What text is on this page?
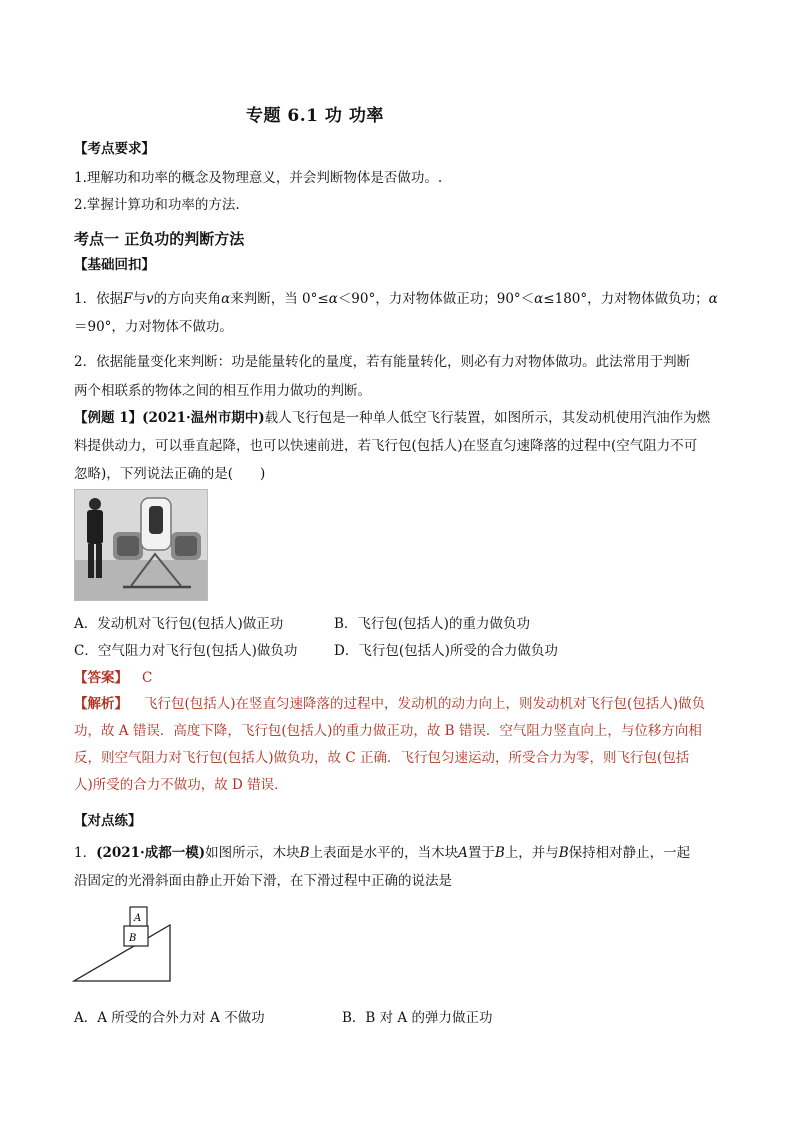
专题 6.1 功 功率
【考点要求】
1.理解功和功率的概念及物理意义，并会判断物体是否做功。.
2.掌握计算功和功率的方法.
考点一 正负功的判断方法
【基础回扣】
1．依据F与v的方向夹角α来判断，当 0°≤α＜90°，力对物体做正功；90°＜α≤180°，力对物体做负功；α
＝90°，力对物体不做功。
2．依据能量变化来判断：功是能量转化的量度，若有能量转化，则必有力对物体做功。此法常用于判断
两个相联系的物体之间的相互作用力做功的判断。
【例题 1】(2021·温州市期中)载人飞行包是一种单人低空飞行装置，如图所示，其发动机使用汽油作为燃
料提供动力，可以垂直起降，也可以快速前进，若飞行包(包括人)在竖直匀速降落的过程中(空气阻力不可
忽略)，下列说法正确的是(　　)
A．发动机对飞行包(包括人)做正功	B．飞行包(包括人)的重力做负功
C．空气阻力对飞行包(包括人)做负功	D．飞行包(包括人)所受的合力做负功
【答案】 C
【解析】 飞行包(包括人)在竖直匀速降落的过程中，发动机的动力向上，则发动机对飞行包(包括人)做负
功，故 A 错误．高度下降，飞行包(包括人)的重力做正功，故 B 错误．空气阻力竖直向上，与位移方向相
反，则空气阻力对飞行包(包括人)做负功，故 C 正确．飞行包匀速运动，所受合力为零，则飞行包(包括
人)所受的合力不做功，故 D 错误．
【对点练】
1．(2021·成都一模)如图所示，木块B上表面是水平的，当木块A置于B上，并与B保持相对静止，一起
沿固定的光滑斜面由静止开始下滑，在下滑过程中正确的说法是
A
B
A．A 所受的合外力对 A 不做功	B．B 对 A 的弹力做正功
